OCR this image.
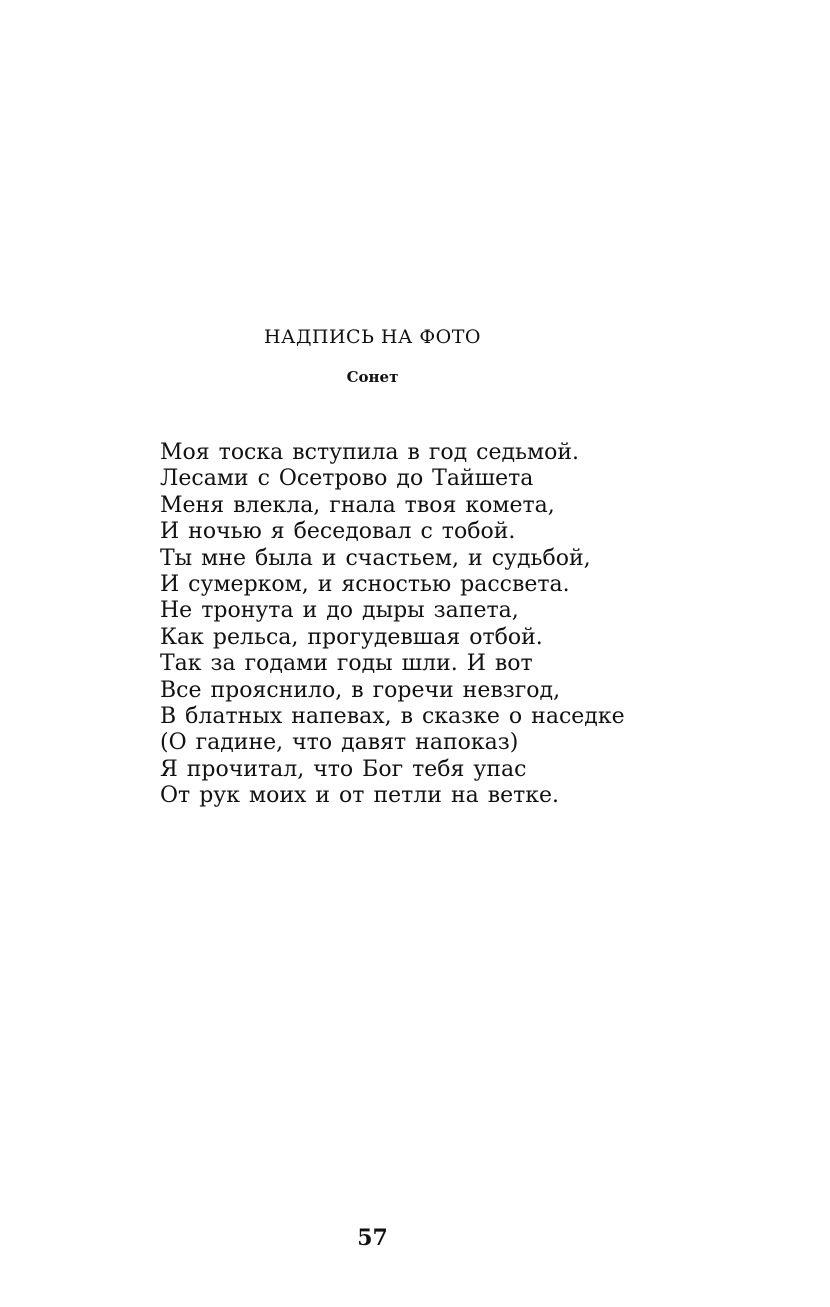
НАДПИСЬ НА ФОТО
Сонет
Моя тоска вступила в год седьмой.
Лесами с Осетрово до Тайшета
Меня влекла, гнала твоя комета,
И ночью я беседовал с тобой.
Ты мне была и счастьем, и судьбой,
И сумерком, и ясностью рассвета.
Не тронута и до дыры запета,
Как рельса, прогудевшая отбой.
Так за годами годы шли. И вот
Все прояснило, в горечи невзгод,
В блатных напевах, в сказке о наседке
(О гадине, что давят напоказ)
Я прочитал, что Бог тебя упас
От рук моих и от петли на ветке.
57
